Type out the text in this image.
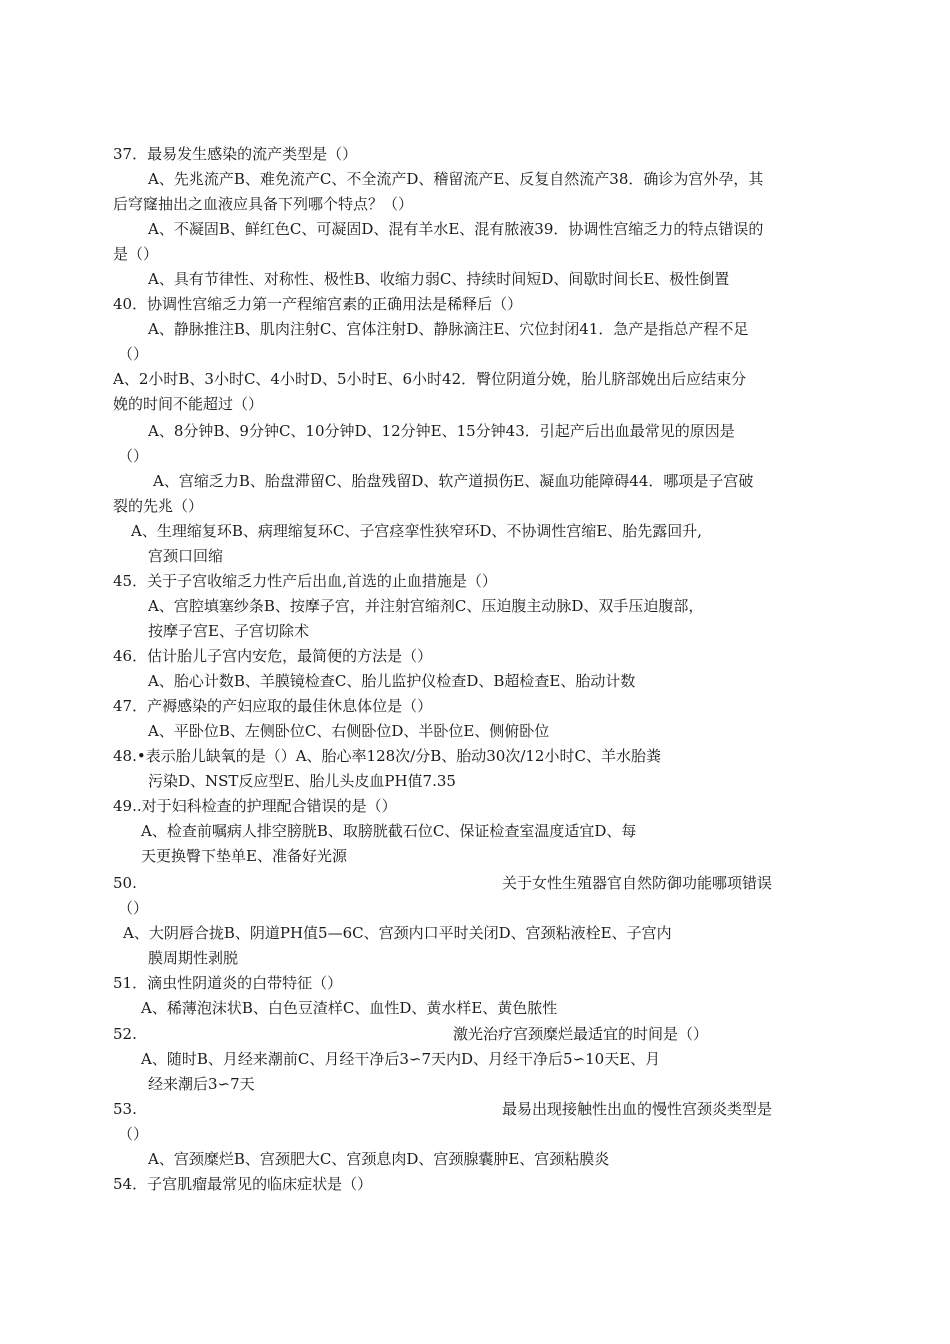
37．最易发生感染的流产类型是（）

A、先兆流产B、难免流产C、不全流产D、稽留流产E、反复自然流产38．确诊为宫外孕，其

后穹窿抽出之血液应具备下列哪个特点？（）

A、不凝固B、鲜红色C、可凝固D、混有羊水E、混有脓液39．协调性宫缩乏力的特点错误的

是（）

A、具有节律性、对称性、极性B、收缩力弱C、持续时间短D、间歇时间长E、极性倒置

40．协调性宫缩乏力第一产程缩宫素的正确用法是稀释后（）

A、静脉推注B、肌肉注射C、宫体注射D、静脉滴注E、穴位封闭41．急产是指总产程不足

（）

A、2小时B、3小时C、4小时D、5小时E、6小时42．臀位阴道分娩，胎儿脐部娩出后应结束分

娩的时间不能超过（）

A、8分钟B、9分钟C、10分钟D、12分钟E、15分钟43．引起产后出血最常见的原因是

（）

A、宫缩乏力B、胎盘滞留C、胎盘残留D、软产道损伤E、凝血功能障碍44．哪项是子宫破

裂的先兆（）

A、生理缩复环B、病理缩复环C、子宫痉挛性狭窄环D、不协调性宫缩E、胎先露回升,

宫颈口回缩

45．关于子宫收缩乏力性产后出血,首选的止血措施是（）

A、宫腔填塞纱条B、按摩子宫，并注射宫缩剂C、压迫腹主动脉D、双手压迫腹部，

按摩子宫E、子宫切除术

46．估计胎儿子宫内安危，最简便的方法是（）

A、胎心计数B、羊膜镜检查C、胎儿监护仪检查D、B超检查E、胎动计数

47．产褥感染的产妇应取的最佳休息体位是（）

A、平卧位B、左侧卧位C、右侧卧位D、半卧位E、侧俯卧位

48.•表示胎儿缺氧的是（）A、胎心率128次/分B、胎动30次/12小时C、羊水胎粪

污染D、NST反应型E、胎儿头皮血PH值7.35

49..对于妇科检查的护理配合错误的是（）

A、检查前嘱病人排空膀胱B、取膀胱截石位C、保证检查室温度适宜D、每

天更换臀下垫单E、准备好光源

50.	关于女性生殖器官自然防御功能哪项错误

（）

A、大阴唇合拢B、阴道PH值5—6C、宫颈内口平时关闭D、宫颈粘液栓E、子宫内

膜周期性剥脱

51．滴虫性阴道炎的白带特征（）

A、稀薄泡沫状B、白色豆渣样C、血性D、黄水样E、黄色脓性

52.	激光治疗宫颈糜烂最适宜的时间是（）

A、随时B、月经来潮前C、月经干净后3∽7天内D、月经干净后5∽10天E、月

经来潮后3∽7天

53.	最易出现接触性出血的慢性宫颈炎类型是

（）

A、宫颈糜烂B、宫颈肥大C、宫颈息肉D、宫颈腺囊肿E、宫颈粘膜炎

54．子宫肌瘤最常见的临床症状是（）
